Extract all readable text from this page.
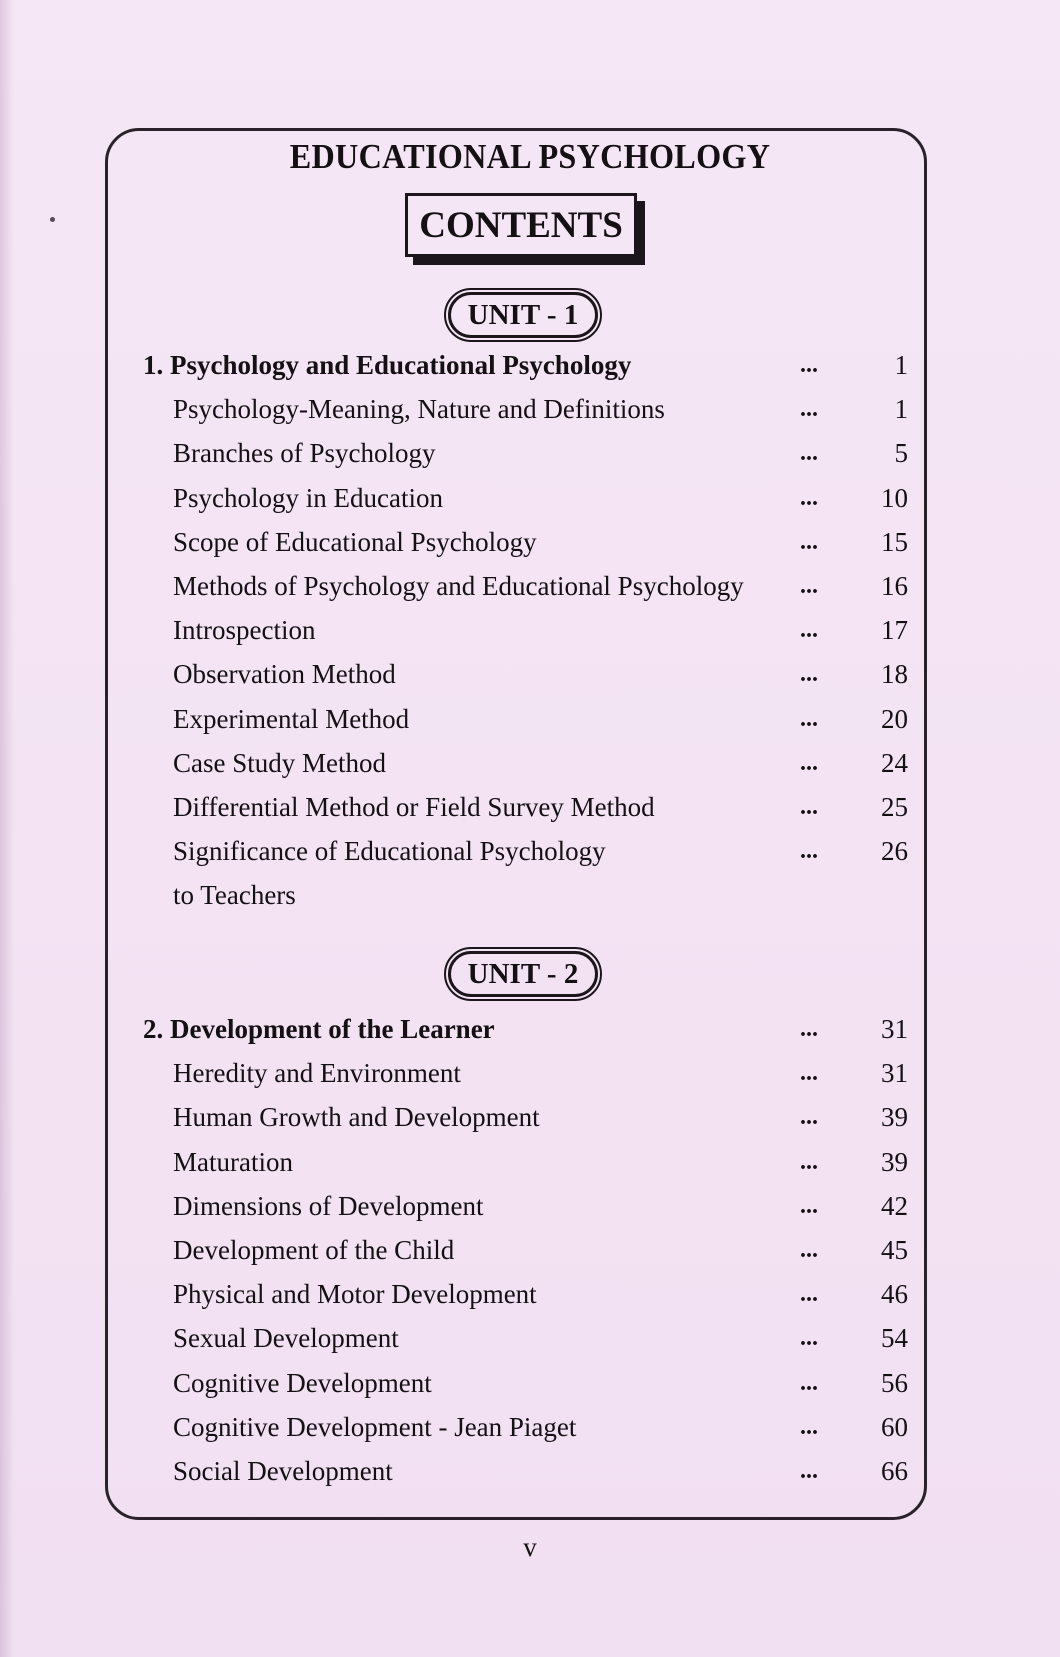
EDUCATIONAL PSYCHOLOGY
CONTENTS
UNIT - 1
UNIT - 2
1. Psychology and Educational Psychology	...	1
Psychology-Meaning, Nature and Definitions	...	1
Branches of Psychology	...	5
Psychology in Education	... 10
Scope of Educational Psychology	... 15
Methods of Psychology and Educational Psychology ... 16
Introspection	... 17
Observation Method	... 18
Experimental Method	... 20
Case Study Method	... 24
Differential Method or Field Survey Method	... 25
Significance of Educational Psychology	... 26
to Teachers
2. Development of the Learner	... 31
Heredity and Environment	... 31
Human Growth and Development	... 39
Maturation	... 39
Dimensions of Development	... 42
Development of the Child	... 45
Physical and Motor Development	... 46
Sexual Development	... 54
Cognitive Development	... 56
Cognitive Development - Jean Piaget	... 60
Social Development	... 66
v
